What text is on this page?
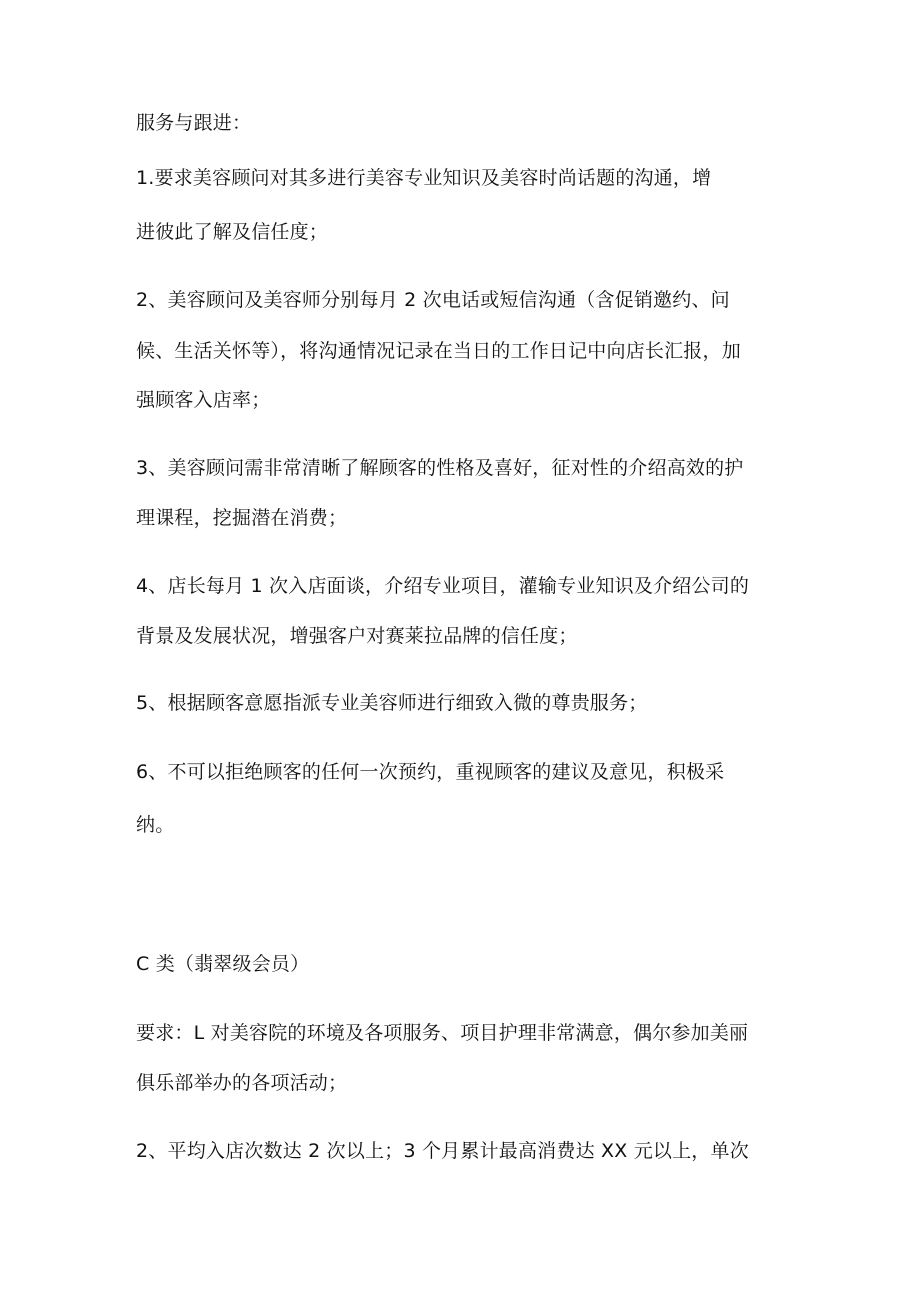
服务与跟进：
1.要求美容顾问对其多进行美容专业知识及美容时尚话题的沟通，增
进彼此了解及信任度；
2、美容顾问及美容师分别每月 2 次电话或短信沟通（含促销邀约、问
候、生活关怀等），将沟通情况记录在当日的工作日记中向店长汇报，加
强顾客入店率；
3、美容顾问需非常清晰了解顾客的性格及喜好，征对性的介绍高效的护
理课程，挖掘潜在消费；
4、店长每月 1 次入店面谈，介绍专业项目，灌输专业知识及介绍公司的
背景及发展状况，增强客户对赛莱拉品牌的信任度；
5、根据顾客意愿指派专业美容师进行细致入微的尊贵服务；
6、不可以拒绝顾客的任何一次预约，重视顾客的建议及意见，积极采
纳。
C 类（翡翠级会员）
要求：L 对美容院的环境及各项服务、项目护理非常满意，偶尔参加美丽
俱乐部举办的各项活动；
2、平均入店次数达 2 次以上；3 个月累计最高消费达 XX 元以上，单次
